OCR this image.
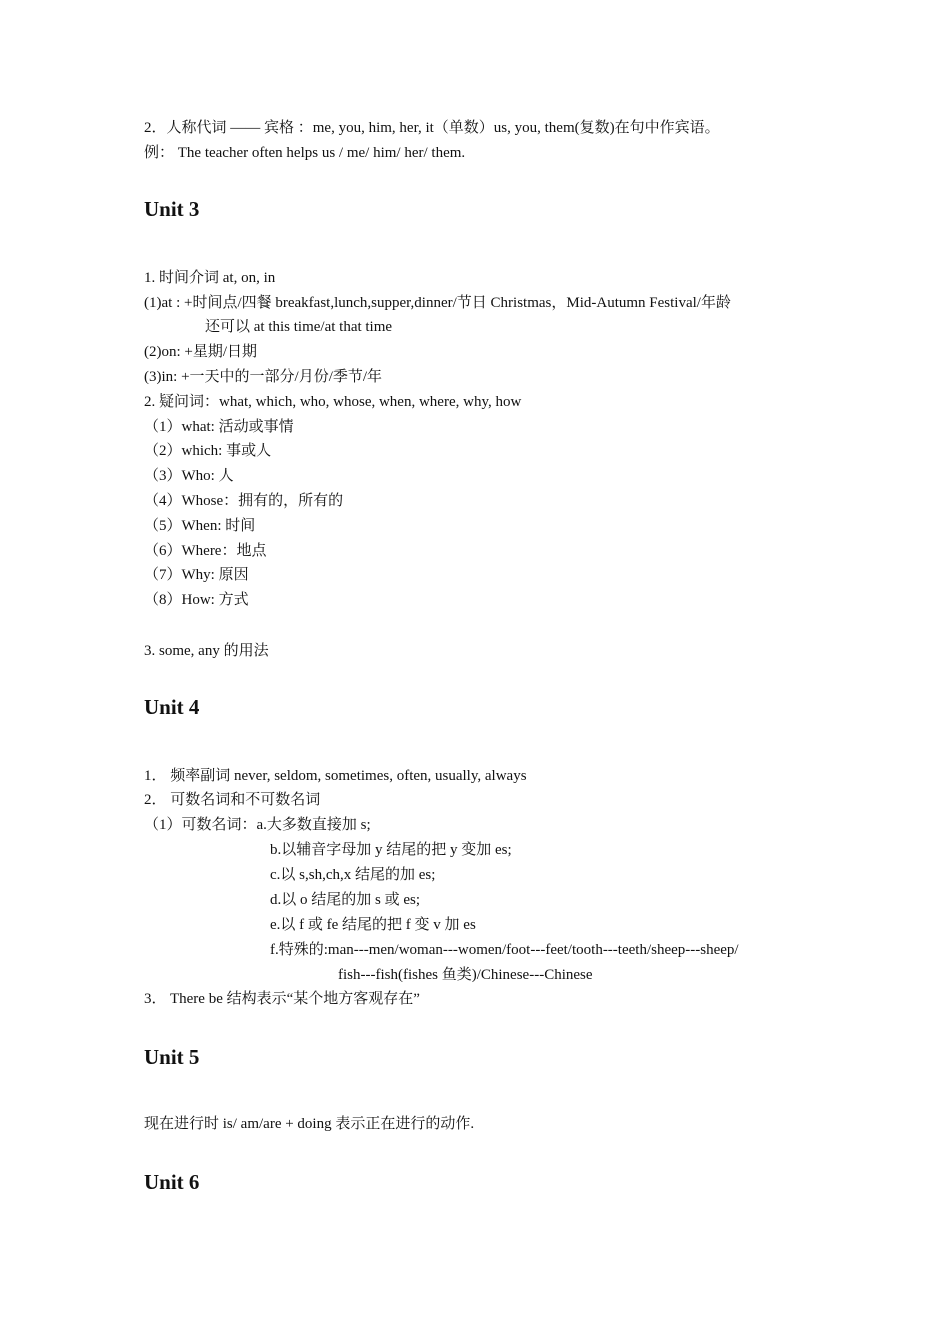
2．人称代词 —— 宾格 ：me, you, him, her, it（单数）us, you, them(复数)在句中作宾语。
例： The teacher often helps us / me/ him/ her/ them.
Unit 3
1. 时间介词 at, on, in
(1)at : +时间点/四餐 breakfast,lunch,supper,dinner/节日 Christmas，Mid-Autumn Festival/年龄
还可以 at this time/at that time
(2)on: +星期/日期
(3)in: +一天中的一部分/月份/季节/年
2. 疑问词：what, which, who, whose, when, where, why, how
（1）what: 活动或事情
（2）which: 事或人
（3）Who: 人
（4）Whose：拥有的，所有的
（5）When: 时间
（6）Where：地点
（7）Why: 原因
（8）How: 方式
3. some, any 的用法
Unit 4
1． 频率副词 never, seldom, sometimes, often, usually, always
2． 可数名词和不可数名词
（1）可数名词：a.大多数直接加 s;
b.以辅音字母加 y 结尾的把 y 变加 es;
c.以 s,sh,ch,x 结尾的加 es;
d.以 o 结尾的加 s 或 es;
e.以 f 或 fe 结尾的把 f 变 v 加 es
f.特殊的:man---men/woman---women/foot---feet/tooth---teeth/sheep---sheep/
fish---fish(fishes 鱼类)/Chinese---Chinese
3． There be 结构表示“某个地方客观存在”
Unit 5
现在进行时 is/ am/are + doing 表示正在进行的动作.
Unit 6
